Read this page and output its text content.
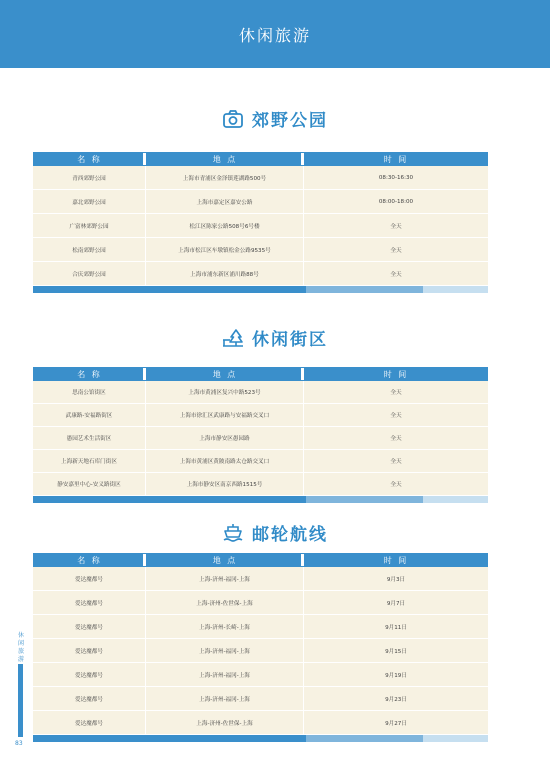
休闲旅游
郊野公园
名 称	地 点	时 间
青西郊野公园	上海市青浦区金泽镇莲湖路500号	08:30-16:30
嘉北郊野公园	上海市嘉定区嘉安公路	08:00-18:00
广富林郊野公园	松江区陈家公路508号6号楼	全天
松南郊野公园	上海市松江区车墩镇松金公路9535号	全天
合庆郊野公园	上海市浦东新区浦川路88号	全天
休闲街区
名 称	地 点	时 间
思南公馆街区	上海市黄浦区复兴中路523号	全天
武康路-安福路街区	上海市徐汇区武康路与安福路交叉口	全天
愚园艺术生活街区	上海市静安区愚园路	全天
上海新天地石库门街区	上海市黄浦区黄陂南路太仓路交叉口	全天
静安嘉里中心-安义路街区	上海市静安区南京西路1515号	全天
邮轮航线
名 称	地 点	时 间
爱达魔都号	上海-济州-福冈-上海	9月3日
爱达魔都号	上海-济州-佐世保-上海	9月7日
爱达魔都号	上海-济州-长崎-上海	9月11日
爱达魔都号	上海-济州-福冈-上海	9月15日
爱达魔都号	上海-济州-福冈-上海	9月19日
爱达魔都号	上海-济州-福冈-上海	9月23日
爱达魔都号	上海-济州-佐世保-上海	9月27日
休闲旅游
83
